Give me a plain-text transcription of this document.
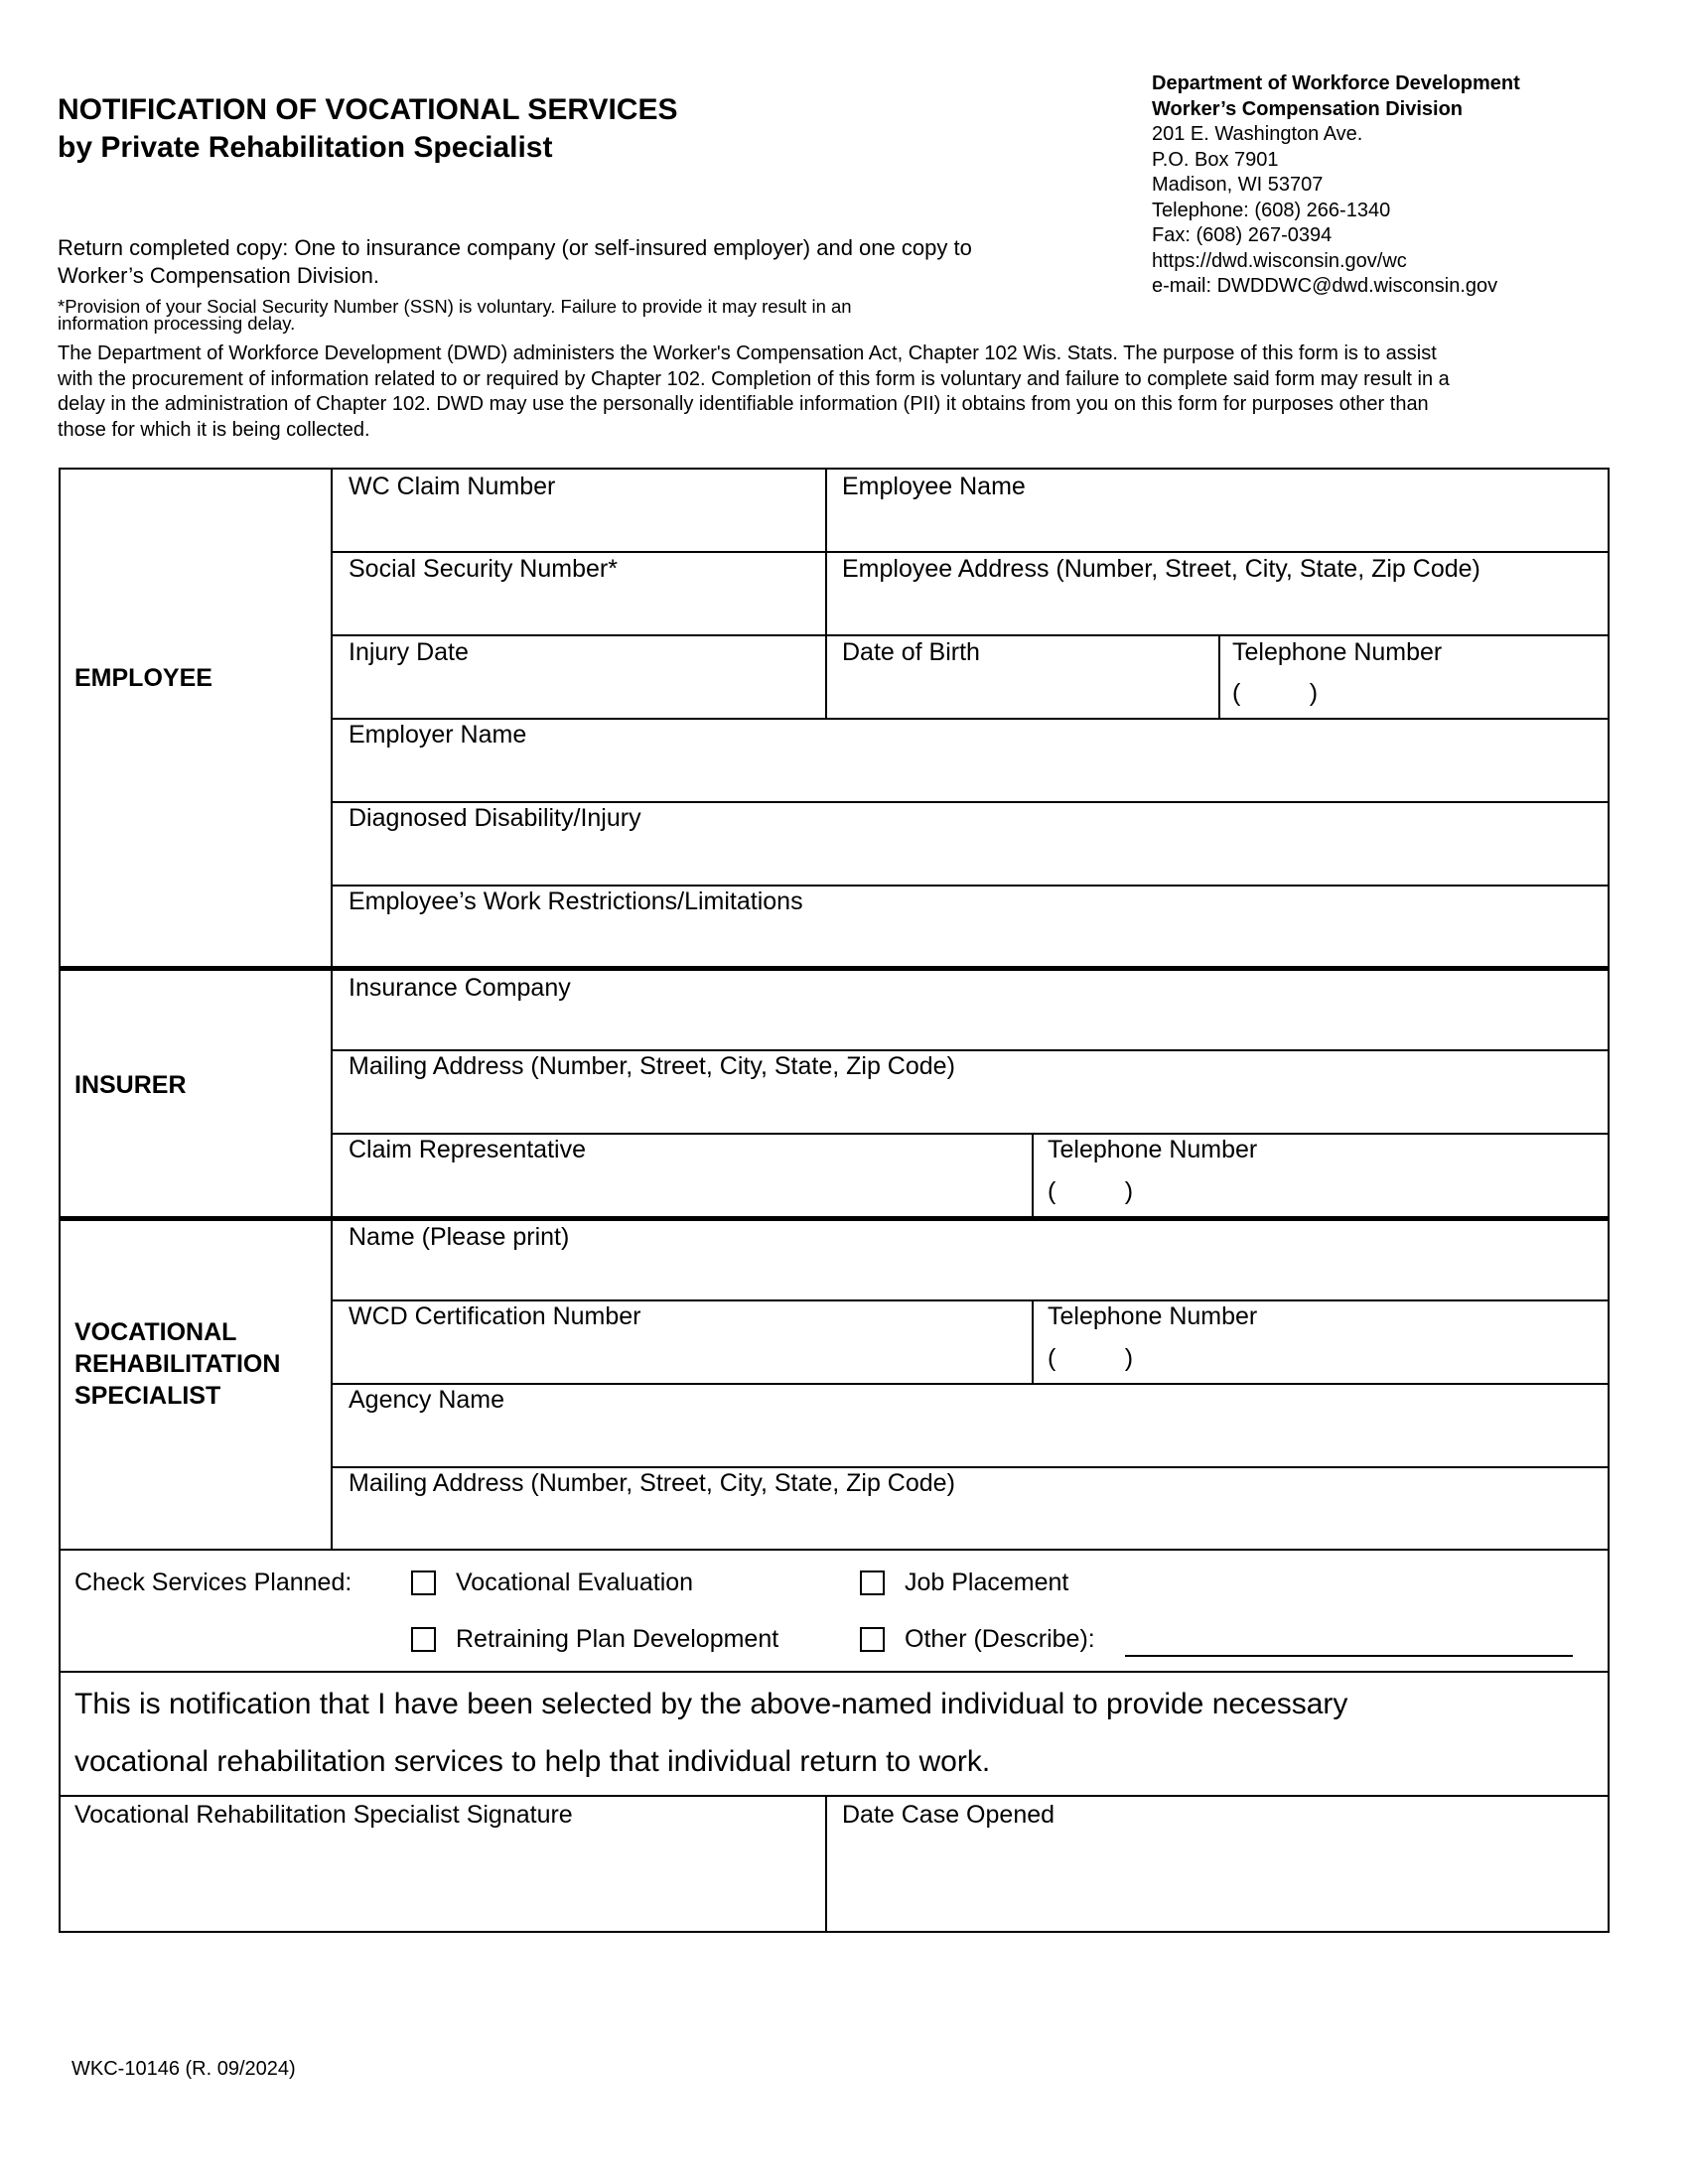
NOTIFICATION OF VOCATIONAL SERVICES
by Private Rehabilitation Specialist
Department of Workforce Development
Worker’s Compensation Division
201 E. Washington Ave.
P.O. Box 7901
Madison, WI 53707
Telephone: (608) 266-1340
Fax: (608) 267-0394
https://dwd.wisconsin.gov/wc
e-mail: DWDDWC@dwd.wisconsin.gov
Return completed copy: One to insurance company (or self-insured employer) and one copy to
Worker’s Compensation Division.
*Provision of your Social Security Number (SSN) is voluntary. Failure to provide it may result in an
information processing delay.
The Department of Workforce Development (DWD) administers the Worker's Compensation Act, Chapter 102 Wis. Stats. The purpose of this form is to assist
with the procurement of information related to or required by Chapter 102. Completion of this form is voluntary and failure to complete said form may result in a
delay in the administration of Chapter 102. DWD may use the personally identifiable information (PII) it obtains from you on this form for purposes other than
those for which it is being collected.
EMPLOYEE
WC Claim Number	Employee Name
Social Security Number*	Employee Address (Number, Street, City, State, Zip Code)
Injury Date	Date of Birth	Telephone Number
(          )
Employer Name
Diagnosed Disability/Injury
Employee’s Work Restrictions/Limitations
INSURER
Insurance Company
Mailing Address (Number, Street, City, State, Zip Code)
Claim Representative	Telephone Number
(          )
VOCATIONAL
REHABILITATION
SPECIALIST
Name (Please print)
WCD Certification Number	Telephone Number
(          )
Agency Name
Mailing Address (Number, Street, City, State, Zip Code)
Check Services Planned:	Vocational Evaluation	Job Placement
Retraining Plan Development	Other (Describe):
This is notification that I have been selected by the above-named individual to provide necessary
vocational rehabilitation services to help that individual return to work.
Vocational Rehabilitation Specialist Signature	Date Case Opened
WKC-10146 (R. 09/2024)
